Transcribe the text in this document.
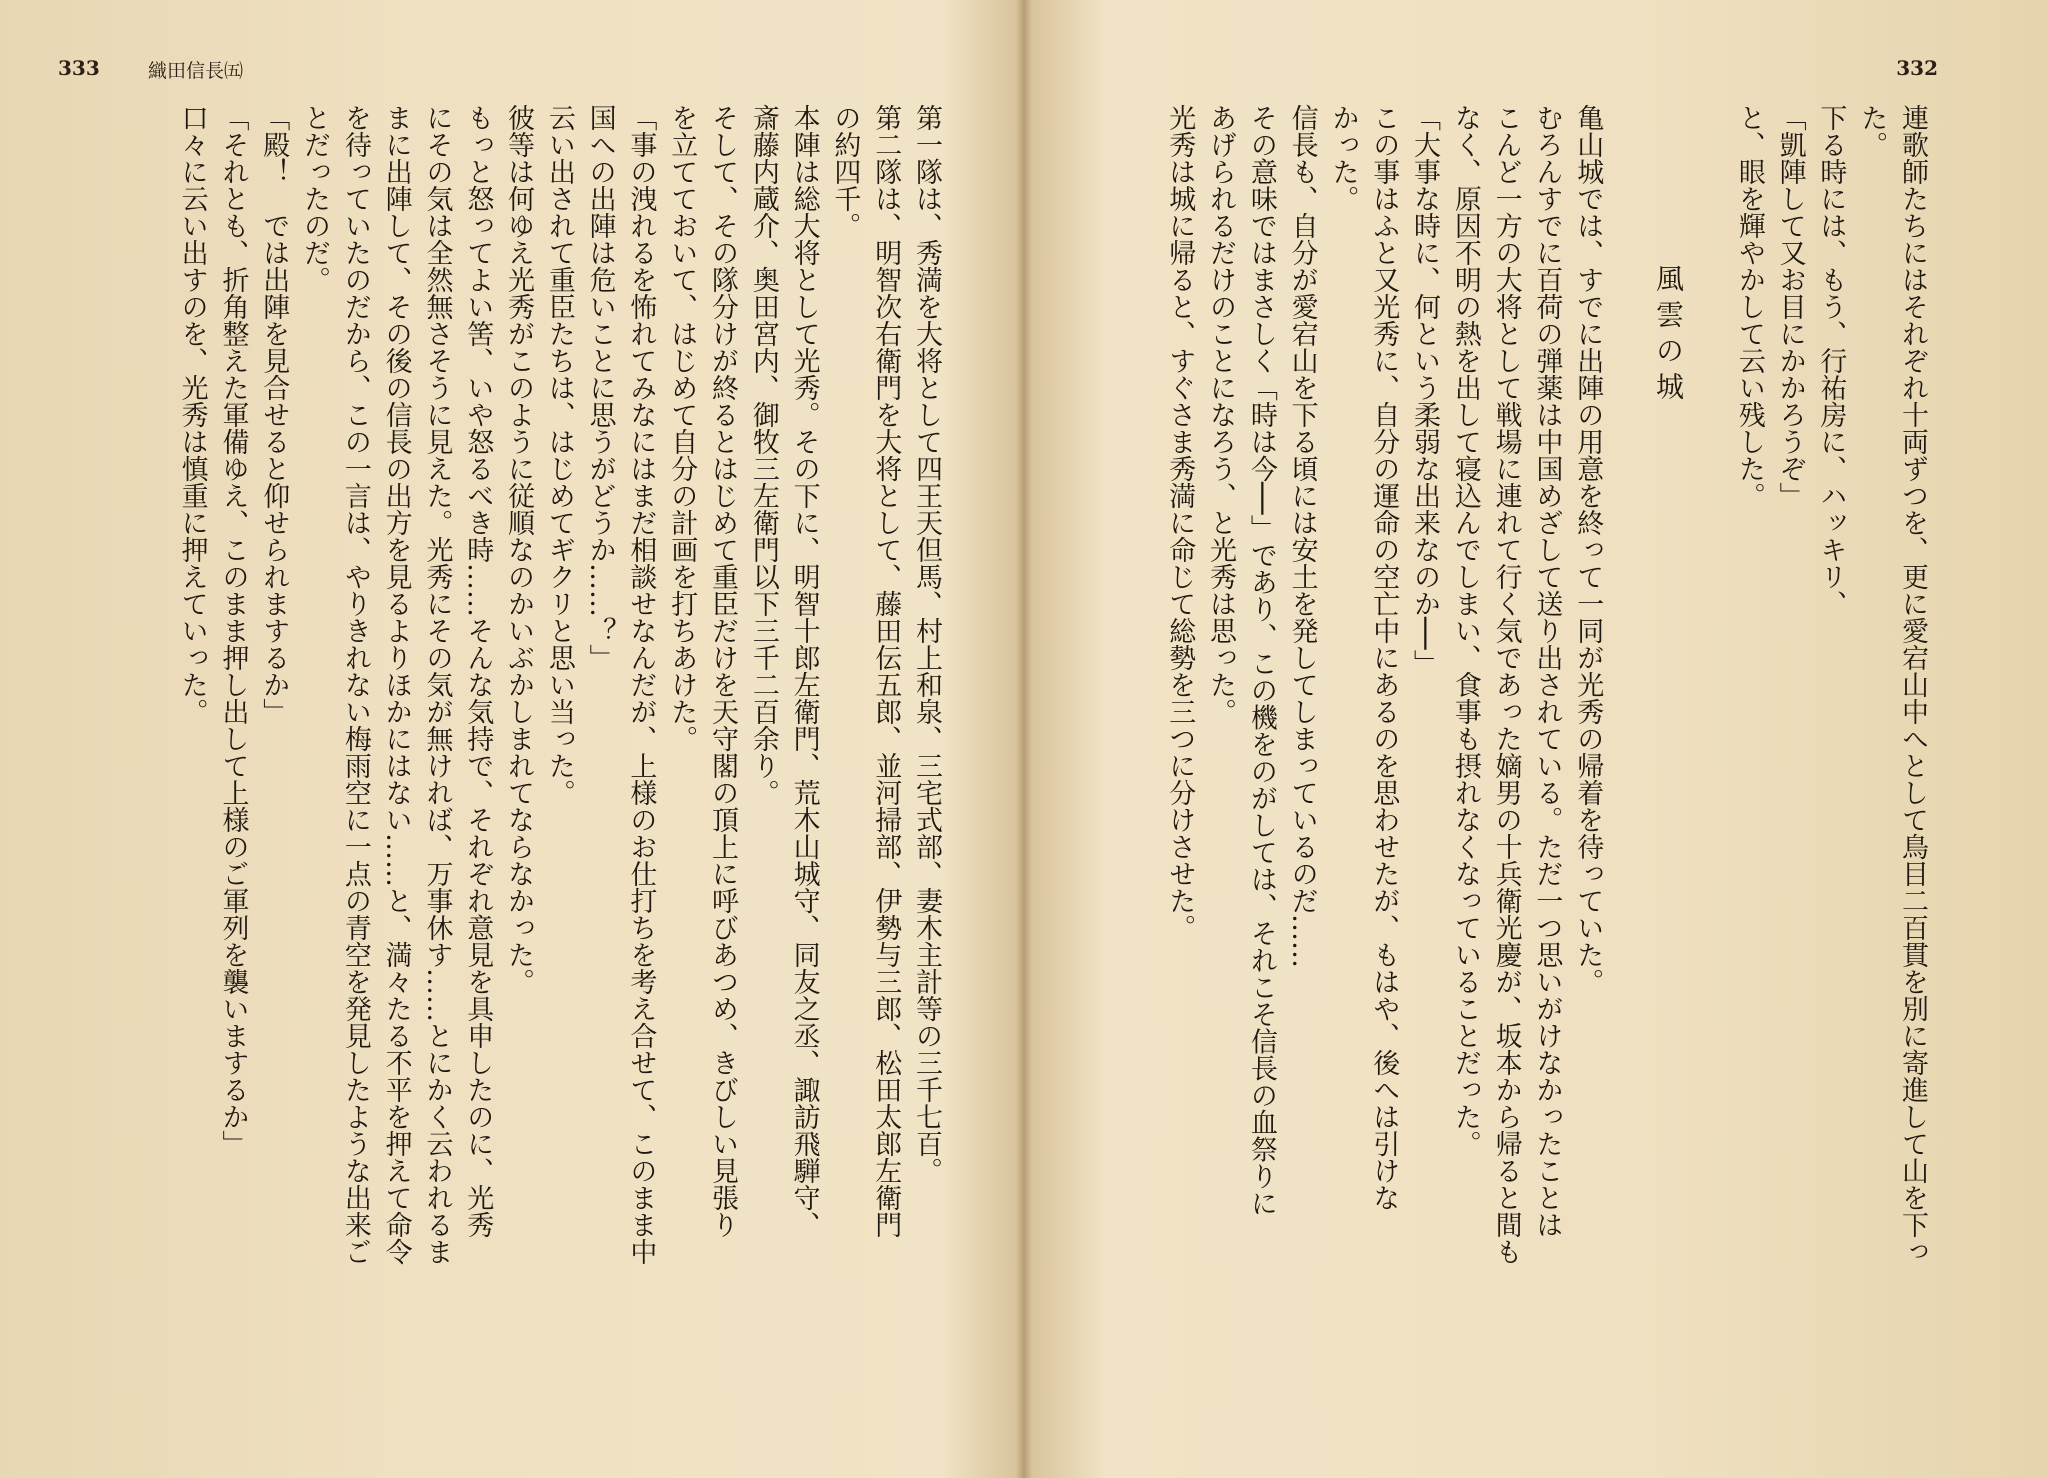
333	織田信長㈤
第一隊は、秀満を大将として四王天但馬、村上和泉、三宅式部、妻木主計等の三千七百。
第二隊は、明智次右衛門を大将として、藤田伝五郎、並河掃部、伊勢与三郎、松田太郎左衛門
の約四千。
本陣は総大将として光秀。その下に、明智十郎左衛門、荒木山城守、同友之丞、諏訪飛騨守、
斎藤内蔵介、奥田宮内、御牧三左衛門以下三千二百余り。
そして、その隊分けが終るとはじめて重臣だけを天守閣の頂上に呼びあつめ、きびしい見張り
を立てておいて、はじめて自分の計画を打ちあけた。
「事の洩れるを怖れてみなにはまだ相談せなんだが、上様のお仕打ちを考え合せて、このまま中
国への出陣は危いことに思うがどうか……？」
云い出されて重臣たちは、はじめてギクリと思い当った。
彼等は何ゆえ光秀がこのように従順なのかいぶかしまれてならなかった。
もっと怒ってよい筈、いや怒るべき時……そんな気持で、それぞれ意見を具申したのに、光秀
にその気は全然無さそうに見えた。光秀にその気が無ければ、万事休す……とにかく云われるま
まに出陣して、その後の信長の出方を見るよりほかにはない……と、満々たる不平を押えて命令
を待っていたのだから、この一言は、やりきれない梅雨空に一点の青空を発見したような出来ご
とだったのだ。
「殿！　では出陣を見合せると仰せられまするか」
「それとも、折角整えた軍備ゆえ、このまま押し出して上様のご軍列を襲いまするか」
口々に云い出すのを、光秀は慎重に押えていった。
332
連歌師たちにはそれぞれ十両ずつを、更に愛宕山中へとして鳥目二百貫を別に寄進して山を下っ
た。
下る時には、もう、行祐房に、ハッキリ、
「凱陣して又お目にかかろうぞ」
と、眼を輝やかして云い残した。
風雲の城
亀山城では、すでに出陣の用意を終って一同が光秀の帰着を待っていた。
むろんすでに百荷の弾薬は中国めざして送り出されている。ただ一つ思いがけなかったことは
こんど一方の大将として戦場に連れて行く気であった嫡男の十兵衛光慶が、坂本から帰ると間も
なく、原因不明の熱を出して寝込んでしまい、食事も摂れなくなっていることだった。
「大事な時に、何という柔弱な出来なのか──」
この事はふと又光秀に、自分の運命の空亡中にあるのを思わせたが、もはや、後へは引けな
かった。
信長も、自分が愛宕山を下る頃には安土を発してしまっているのだ……
その意味ではまさしく「時は今──」であり、この機をのがしては、それこそ信長の血祭りに
あげられるだけのことになろう、と光秀は思った。
光秀は城に帰ると、すぐさま秀満に命じて総勢を三つに分けさせた。
